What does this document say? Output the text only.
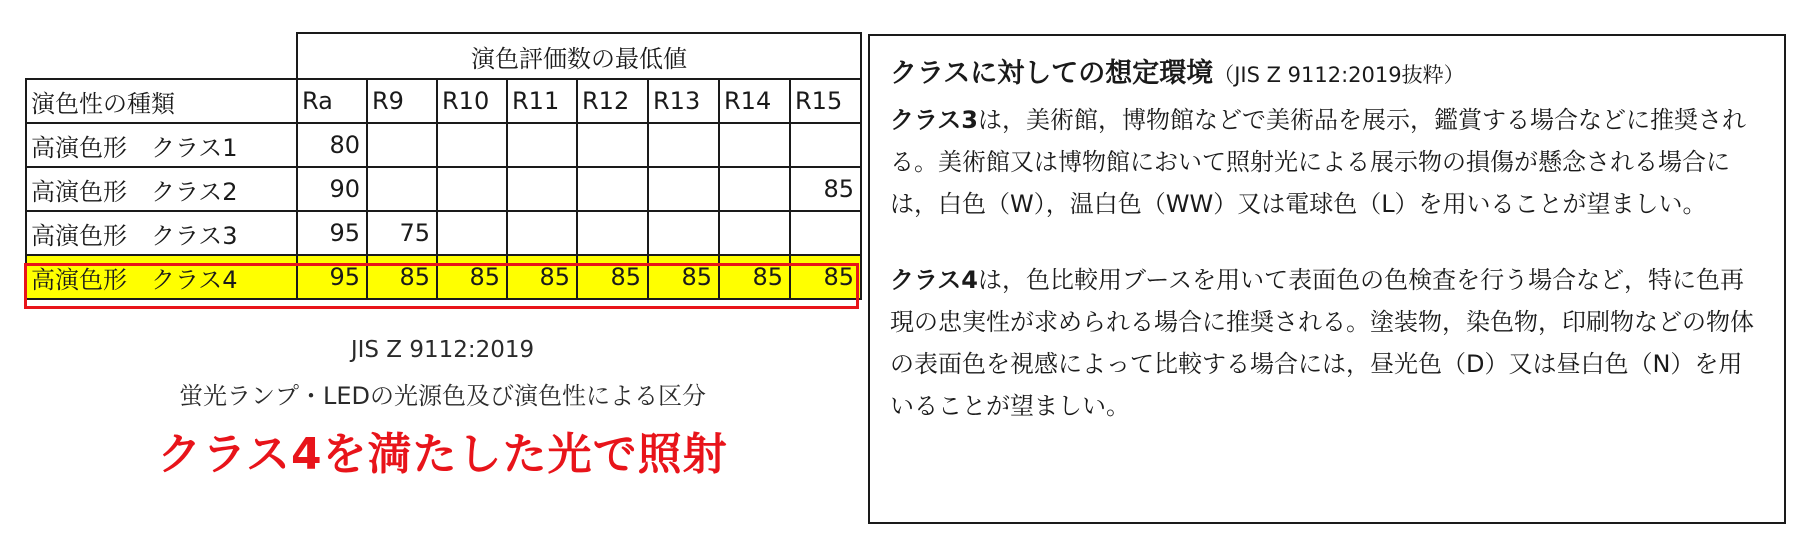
	演色評価数の最低値							
演色性の種類	Ra	R9	R10	R11	R12	R13	R14	R15
高演色形　クラス1	80							
高演色形　クラス2	90							85
高演色形　クラス3	95	75						
高演色形　クラス4	95	85	85	85	85	85	85	85
JIS Z 9112:2019
蛍光ランプ・LEDの光源色及び演色性による区分
クラス4を満たした光で照射
クラスに対しての想定環境（JIS Z 9112:2019抜粋）

クラス3は，美術館，博物館などで美術品を展示，鑑賞する場合などに推奨される。美術館又は博物館において照射光による展示物の損傷が懸念される場合には，白色（W），温白色（WW）又は電球色（L）を用いることが望ましい。

クラス4は，色比較用ブースを用いて表面色の色検査を行う場合など，特に色再現の忠実性が求められる場合に推奨される。塗装物，染色物，印刷物などの物体の表面色を視感によって比較する場合には，昼光色（D）又は昼白色（N）を用いることが望ましい。
